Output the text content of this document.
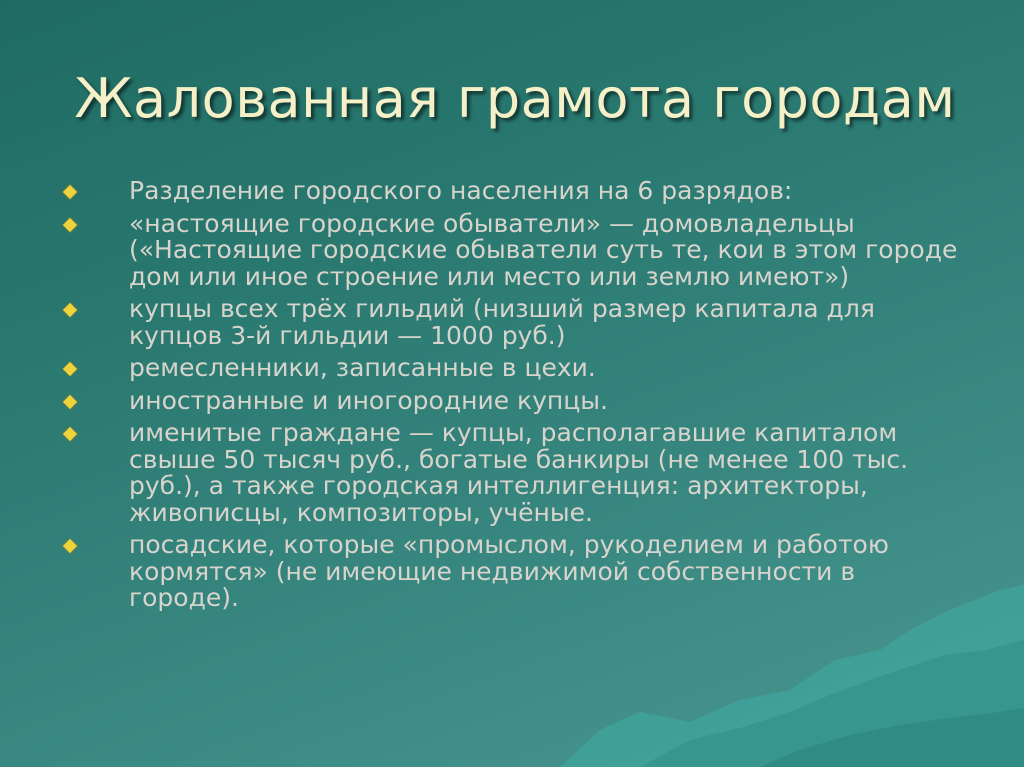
Жалованная грамота городам
Разделение городского населения на 6 разрядов:
«настоящие городские обыватели» — домовладельцы («Настоящие городские обыватели суть те, кои в этом городе дом или иное строение или место или землю имеют»)
купцы всех трёх гильдий (низший размер капитала для купцов 3-й гильдии — 1000 руб.)
ремесленники, записанные в цехи.
иностранные и иногородние купцы.
именитые граждане — купцы, располагавшие капиталом свыше 50 тысяч руб., богатые банкиры (не менее 100 тыс. руб.), а также городская интеллигенция: архитекторы, живописцы, композиторы, учёные.
посадские, которые «промыслом, рукоделием и работою кормятся» (не имеющие недвижимой собственности в городе).
